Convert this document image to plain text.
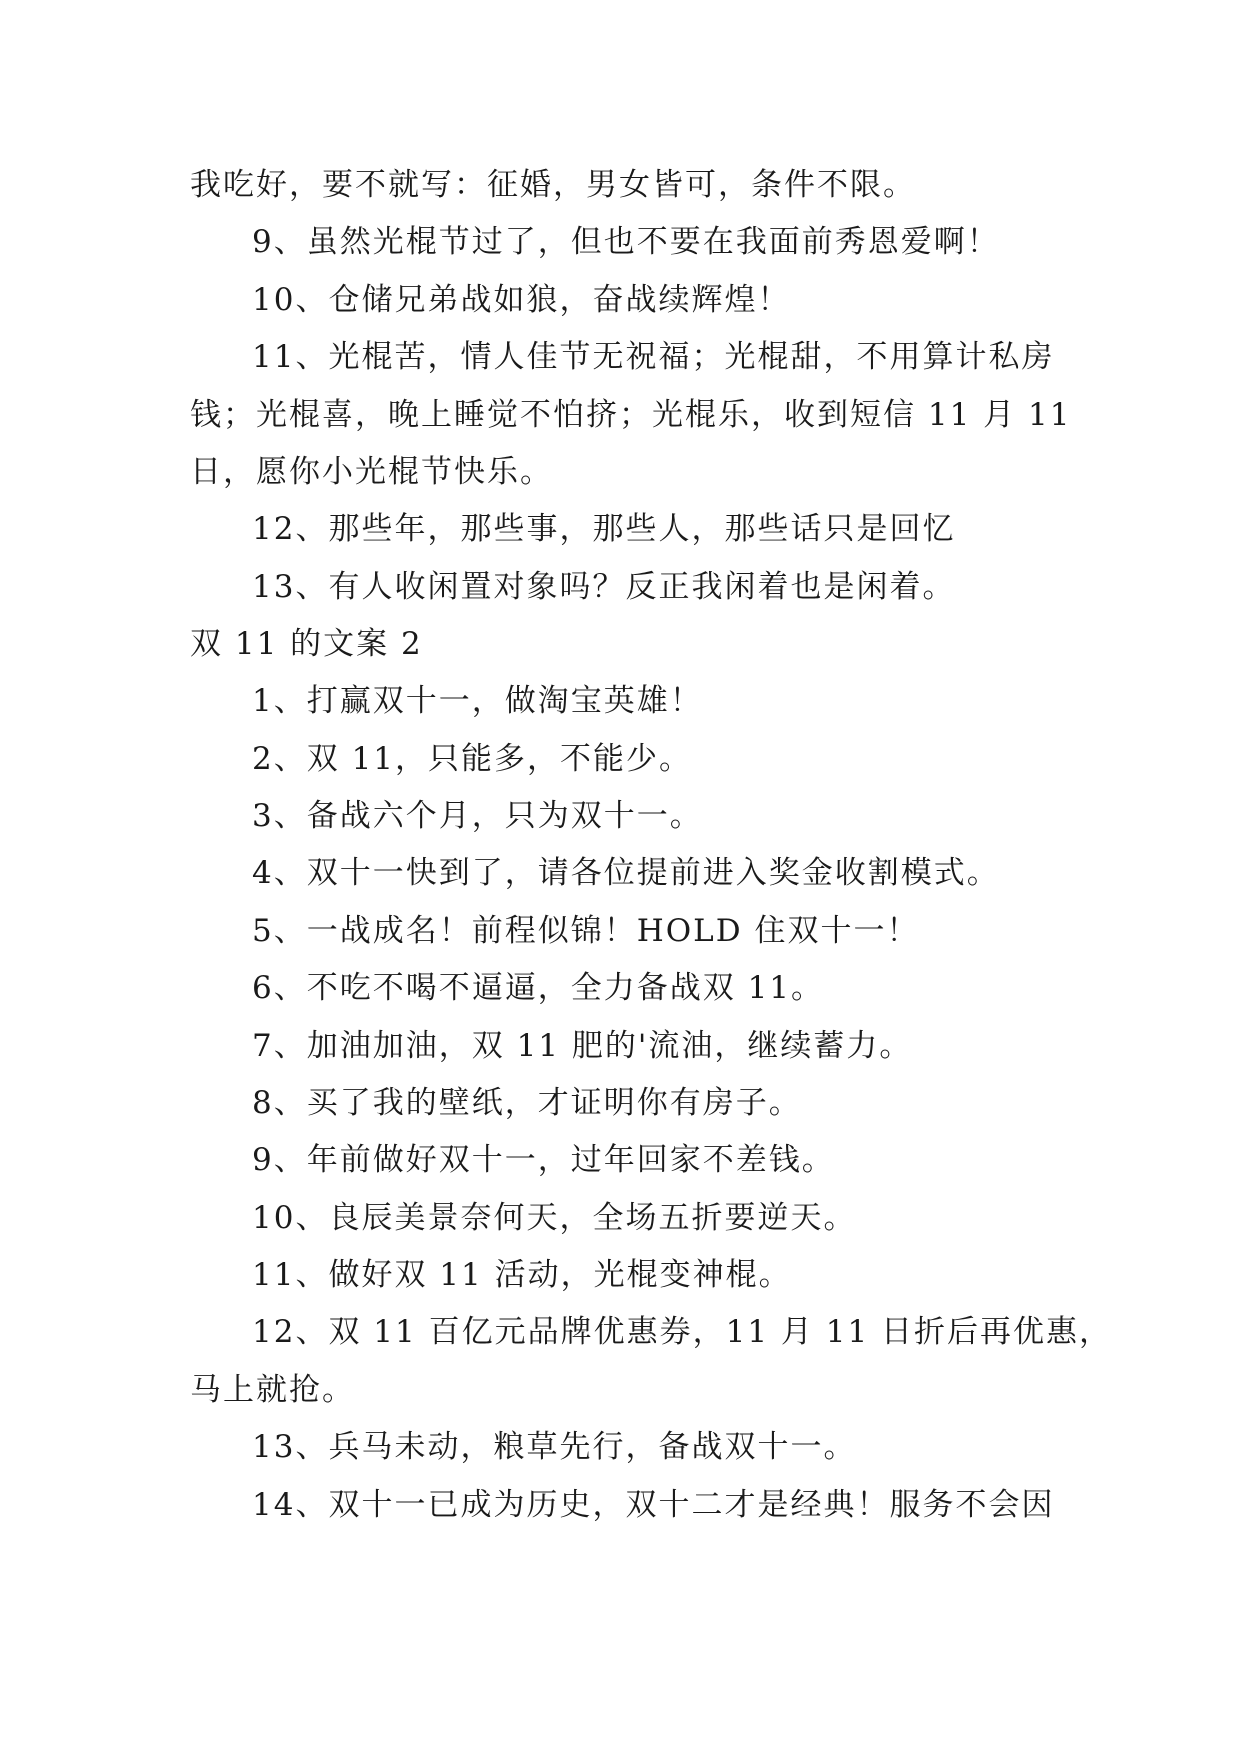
我吃好，要不就写：征婚，男女皆可，条件不限。
9、虽然光棍节过了，但也不要在我面前秀恩爱啊！
10、仓储兄弟战如狼，奋战续辉煌！
11、光棍苦，情人佳节无祝福；光棍甜，不用算计私房
钱；光棍喜，晚上睡觉不怕挤；光棍乐，收到短信 11 月 11
日，愿你小光棍节快乐。
12、那些年，那些事，那些人，那些话只是回忆
13、有人收闲置对象吗？反正我闲着也是闲着。
双 11 的文案 2
1、打赢双十一，做淘宝英雄！
2、双 11，只能多，不能少。
3、备战六个月，只为双十一。
4、双十一快到了，请各位提前进入奖金收割模式。
5、一战成名！前程似锦！HOLD 住双十一！
6、不吃不喝不逼逼，全力备战双 11。
7、加油加油，双 11 肥的'流油，继续蓄力。
8、买了我的壁纸，才证明你有房子。
9、年前做好双十一，过年回家不差钱。
10、良辰美景奈何天，全场五折要逆天。
11、做好双 11 活动，光棍变神棍。
12、双 11 百亿元品牌优惠券，11 月 11 日折后再优惠，
马上就抢。
13、兵马未动，粮草先行，备战双十一。
14、双十一已成为历史，双十二才是经典！服务不会因
